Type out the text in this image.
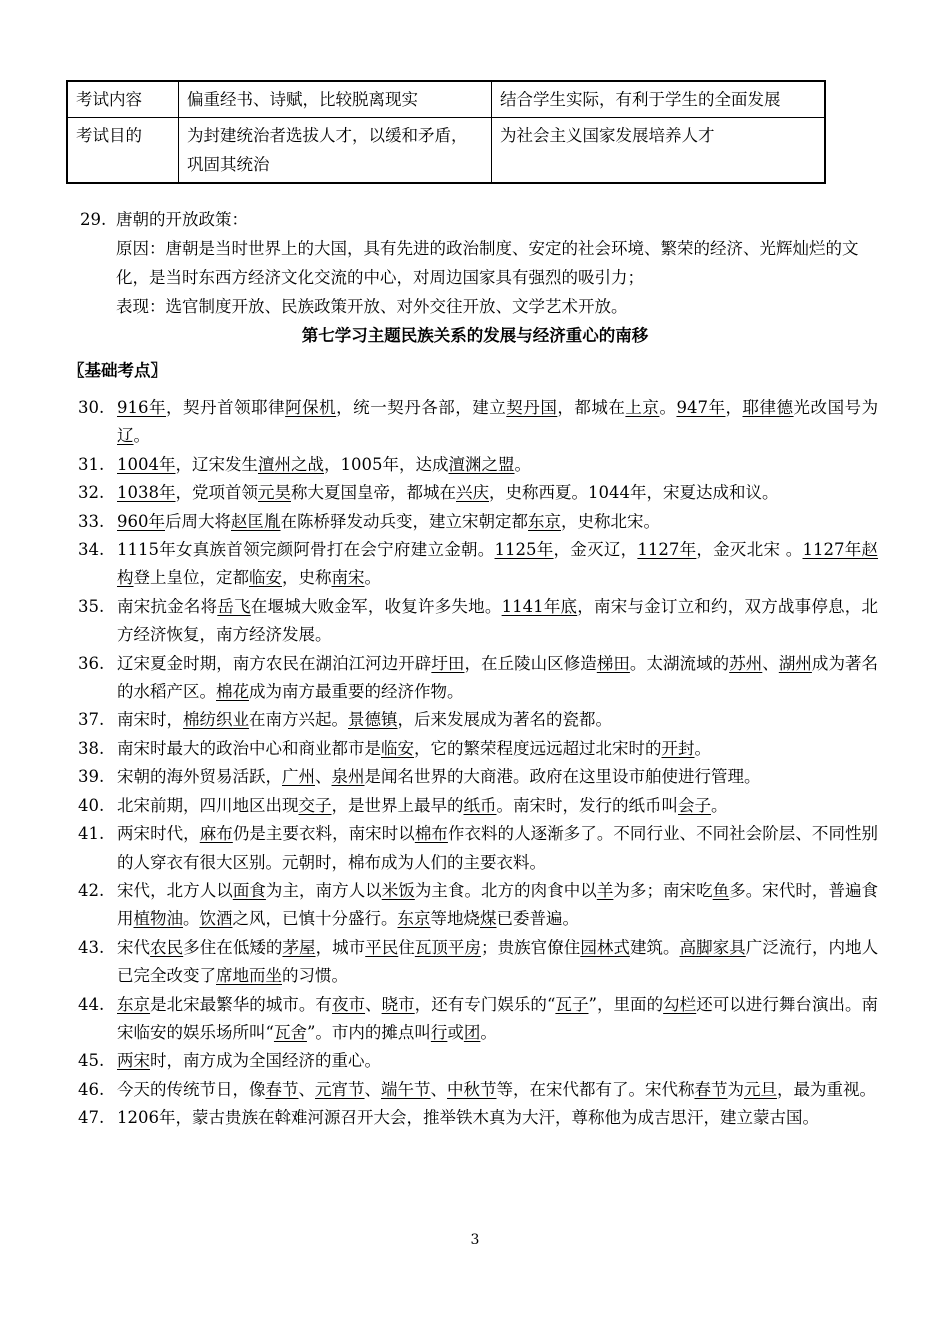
考试内容	偏重经书、诗赋，比较脱离现实	结合学生实际，有利于学生的全面发展
考试目的	为封建统治者选拔人才，以缓和矛盾，巩固其统治	为社会主义国家发展培养人才
29. 唐朝的开放政策：
原因：唐朝是当时世界上的大国，具有先进的政治制度、安定的社会环境、繁荣的经济、光辉灿烂的文化，是当时东西方经济文化交流的中心，对周边国家具有强烈的吸引力；
表现：选官制度开放、民族政策开放、对外交往开放、文学艺术开放。
第七学习主题民族关系的发展与经济重心的南移
〖基础考点〗
30. 916年，契丹首领耶律阿保机，统一契丹各部，建立契丹国，都城在上京。947年，耶律德光改国号为辽。
31. 1004年，辽宋发生澶州之战，1005年，达成澶渊之盟。
32. 1038年，党项首领元昊称大夏国皇帝，都城在兴庆，史称西夏。1044年，宋夏达成和议。
33. 960年后周大将赵匡胤在陈桥驿发动兵变，建立宋朝定都东京，史称北宋。
34. 1115年女真族首领完颜阿骨打在会宁府建立金朝。1125年，金灭辽，1127年，金灭北宋 。1127年赵构登上皇位，定都临安，史称南宋。
35. 南宋抗金名将岳飞在堰城大败金军，收复许多失地。1141年底，南宋与金订立和约，双方战事停息，北方经济恢复，南方经济发展。
36. 辽宋夏金时期，南方农民在湖泊江河边开辟圩田，在丘陵山区修造梯田。太湖流域的苏州、湖州成为著名的水稻产区。棉花成为南方最重要的经济作物。
37. 南宋时，棉纺织业在南方兴起。景德镇，后来发展成为著名的瓷都。
38. 南宋时最大的政治中心和商业都市是临安，它的繁荣程度远远超过北宋时的开封。
39. 宋朝的海外贸易活跃，广州、泉州是闻名世界的大商港。政府在这里设市舶使进行管理。
40. 北宋前期，四川地区出现交子，是世界上最早的纸币。南宋时，发行的纸币叫会子。
41. 两宋时代，麻布仍是主要衣料，南宋时以棉布作衣料的人逐渐多了。不同行业、不同社会阶层、不同性别的人穿衣有很大区别。元朝时，棉布成为人们的主要衣料。
42. 宋代，北方人以面食为主，南方人以米饭为主食。北方的肉食中以羊为多；南宋吃鱼多。宋代时，普遍食用植物油。饮酒之风，已慎十分盛行。东京等地烧煤已委普遍。
43. 宋代农民多住在低矮的茅屋，城市平民住瓦顶平房；贵族官僚住园林式建筑。高脚家具广泛流行，内地人已完全改变了席地而坐的习惯。
44. 东京是北宋最繁华的城市。有夜市、晓市，还有专门娱乐的“瓦子”，里面的勾栏还可以进行舞台演出。南宋临安的娱乐场所叫“瓦舍”。市内的摊点叫行或团。
45. 两宋时，南方成为全国经济的重心。
46. 今天的传统节日，像春节、元宵节、端午节、中秋节等，在宋代都有了。宋代称春节为元旦，最为重视。
47. 1206年，蒙古贵族在斡难河源召开大会，推举铁木真为大汗，尊称他为成吉思汗，建立蒙古国。
3
